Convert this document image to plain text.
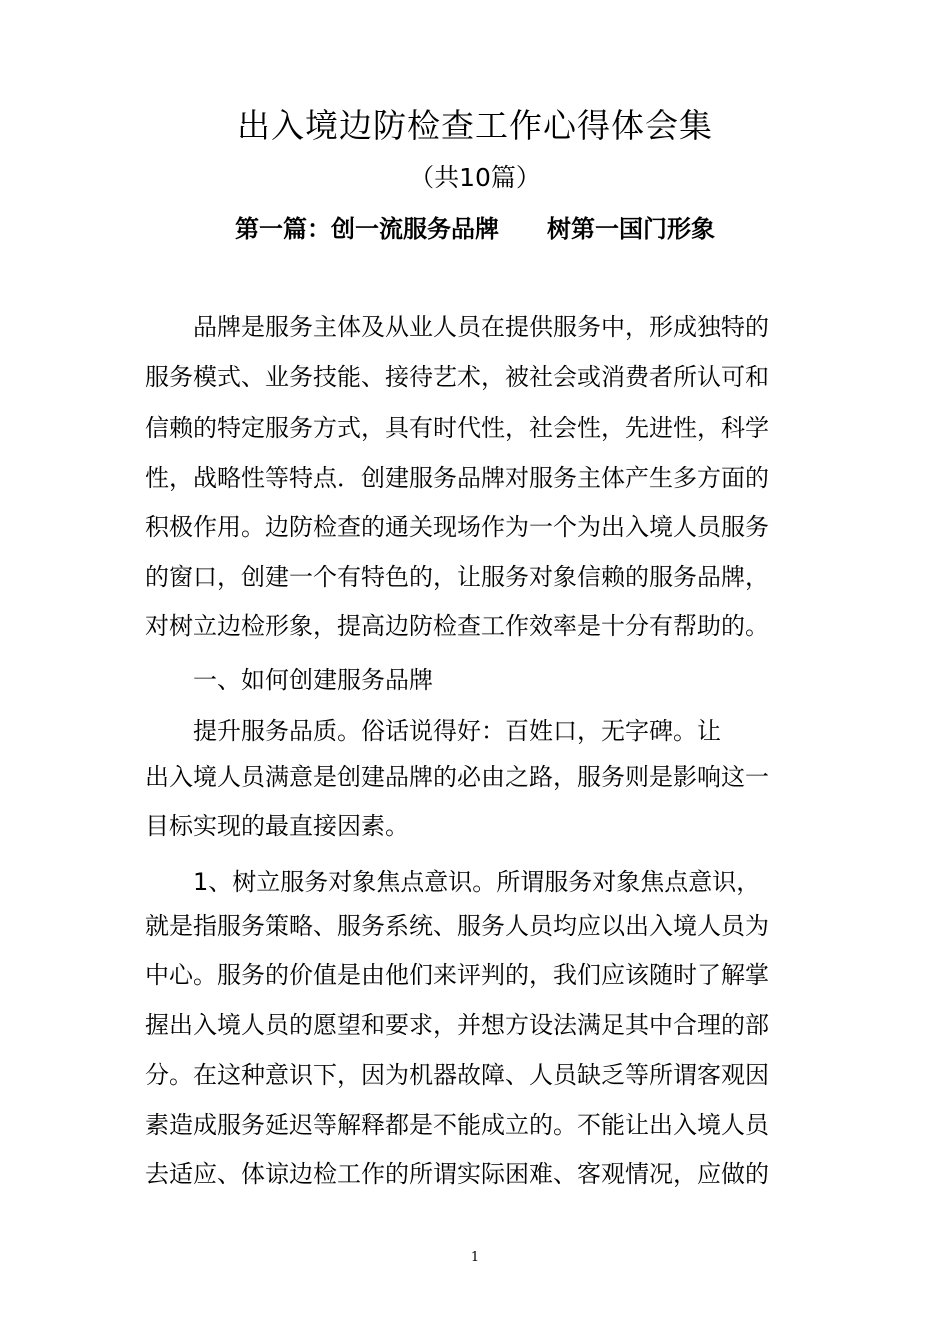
出入境边防检查工作心得体会集
（共10篇）
第一篇：创一流服务品牌　　树第一国门形象
　　品牌是服务主体及从业人员在提供服务中，形成独特的
服务模式、业务技能、接待艺术，被社会或消费者所认可和
信赖的特定服务方式，具有时代性，社会性，先进性，科学
性，战略性等特点．创建服务品牌对服务主体产生多方面的
积极作用。边防检查的通关现场作为一个为出入境人员服务
的窗口，创建一个有特色的，让服务对象信赖的服务品牌，
对树立边检形象，提高边防检查工作效率是十分有帮助的。
　　一、如何创建服务品牌
　　提升服务品质。俗话说得好：百姓口，无字碑。让
出入境人员满意是创建品牌的必由之路，服务则是影响这一
目标实现的最直接因素。
　　1、树立服务对象焦点意识。所谓服务对象焦点意识，
就是指服务策略、服务系统、服务人员均应以出入境人员为
中心。服务的价值是由他们来评判的，我们应该随时了解掌
握出入境人员的愿望和要求，并想方设法满足其中合理的部
分。在这种意识下，因为机器故障、人员缺乏等所谓客观因
素造成服务延迟等解释都是不能成立的。不能让出入境人员
去适应、体谅边检工作的所谓实际困难、客观情况，应做的
1
